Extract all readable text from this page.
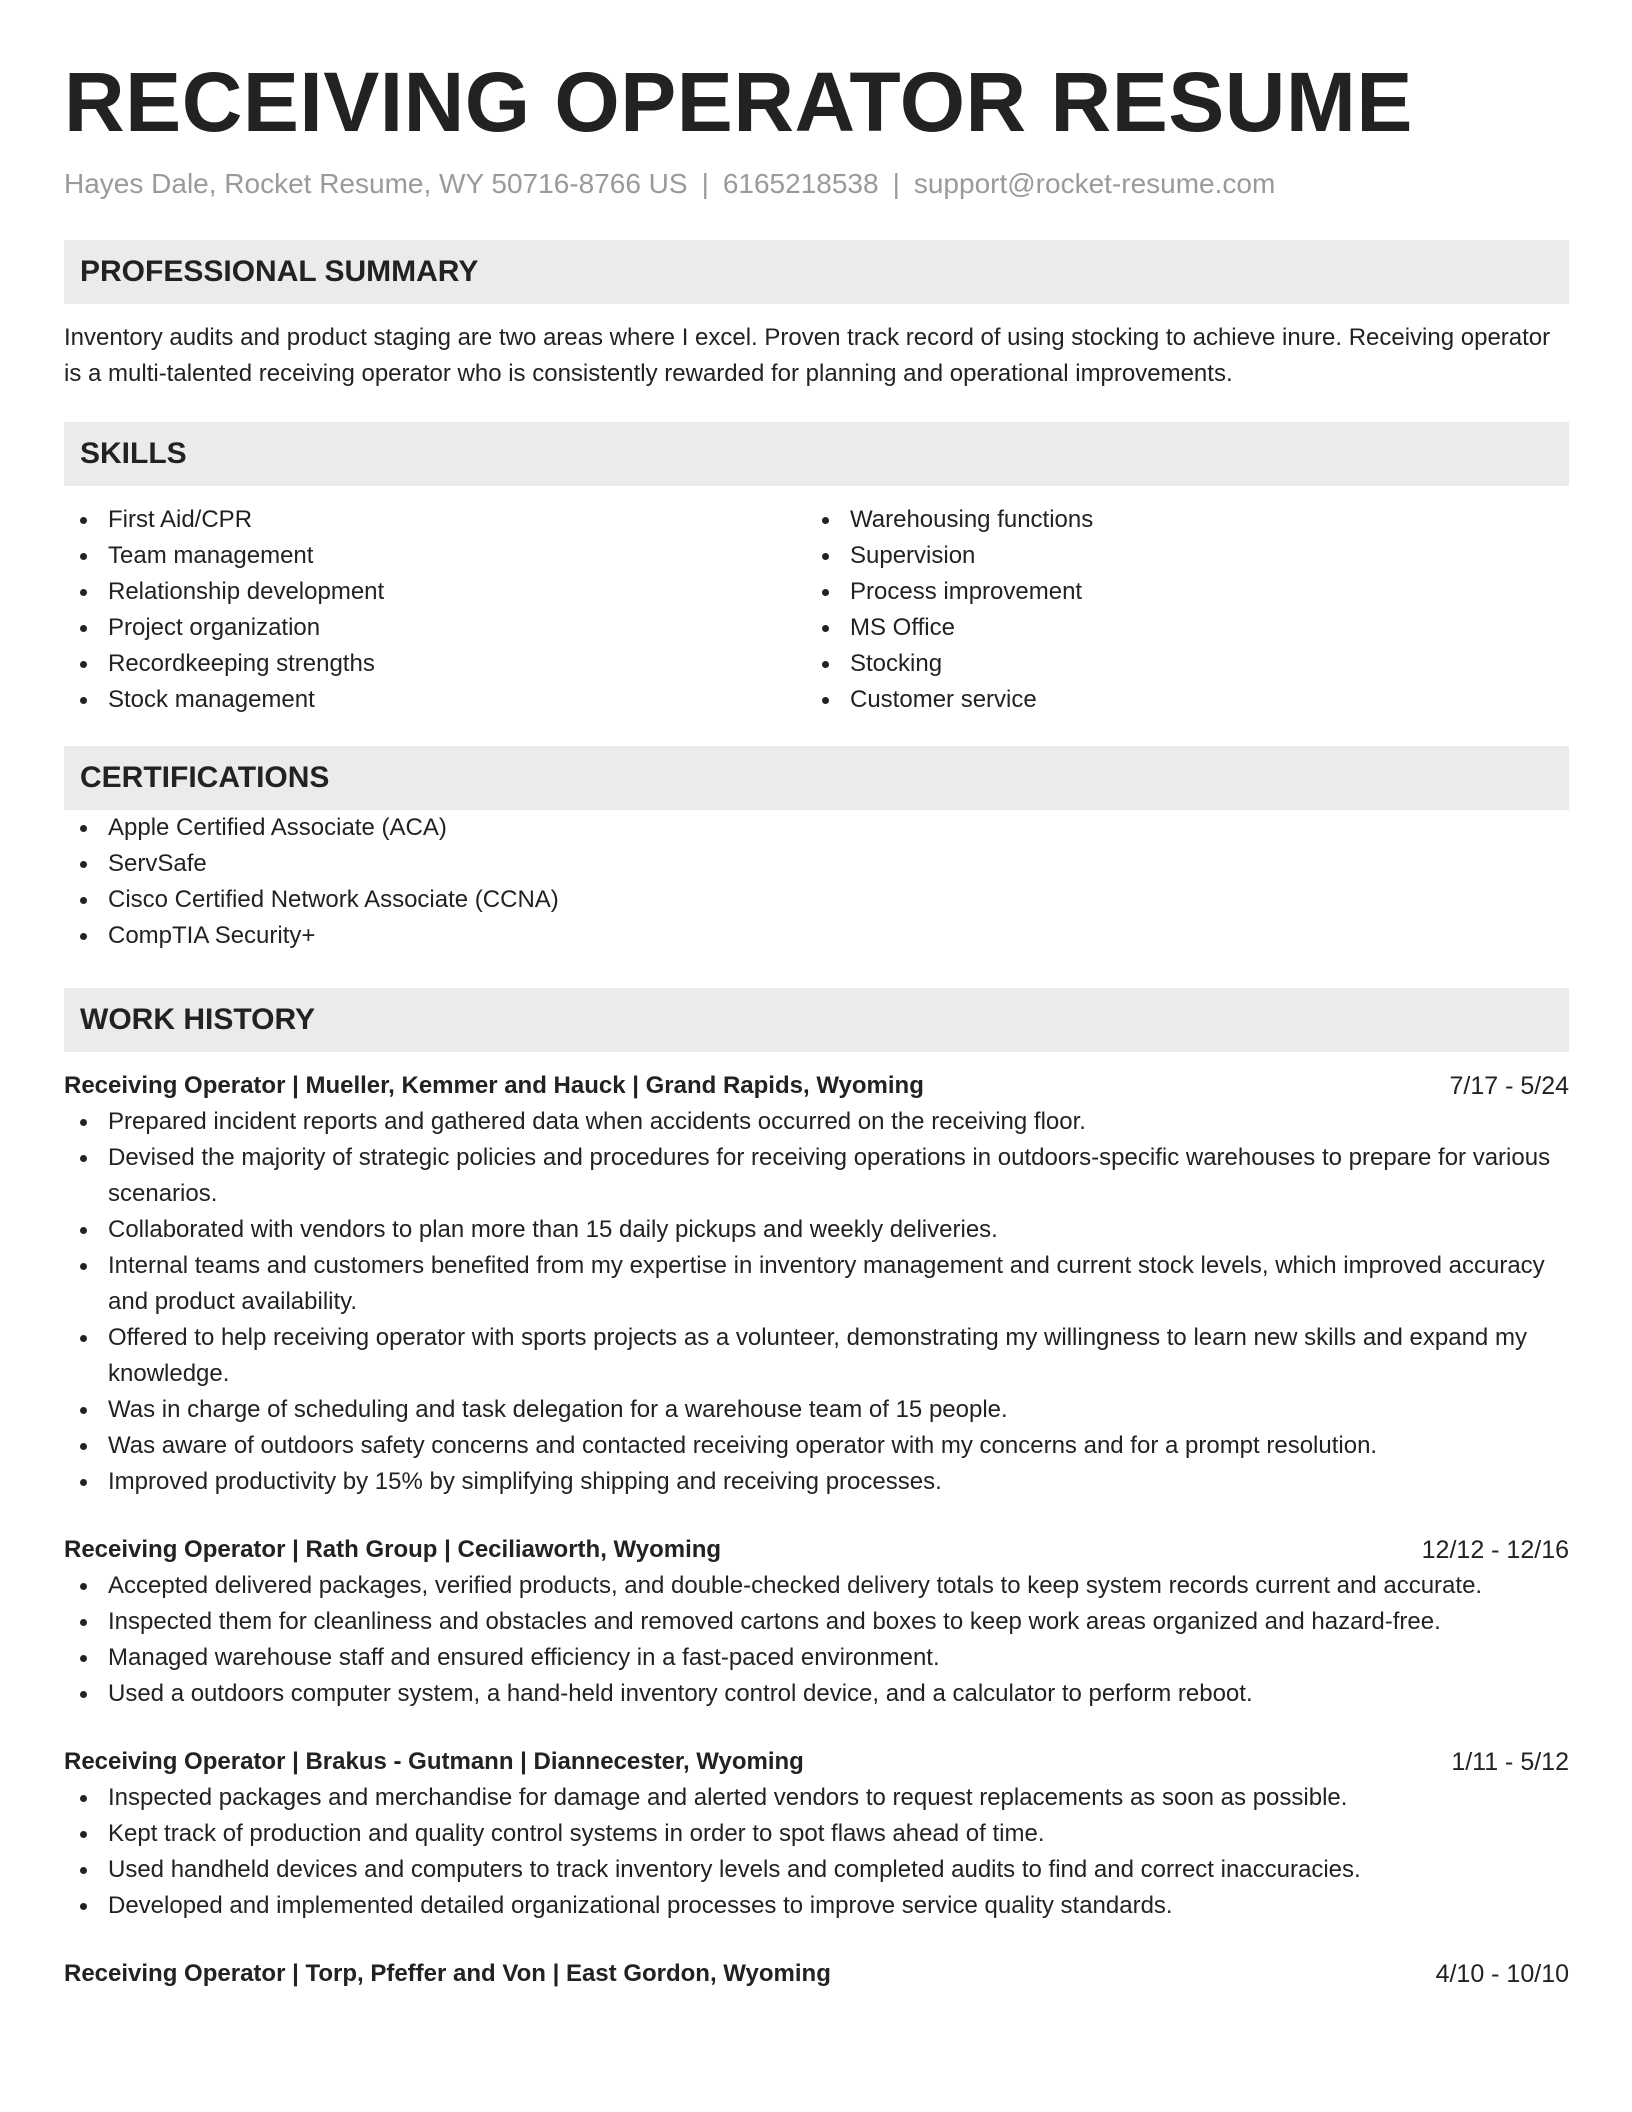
RECEIVING OPERATOR RESUME
Hayes Dale, Rocket Resume, WY 50716-8766 US | 6165218538 | support@rocket-resume.com
PROFESSIONAL SUMMARY

Inventory audits and product staging are two areas where I excel. Proven track record of using stocking to achieve inure. Receiving operator is a multi-talented receiving operator who is consistently rewarded for planning and operational improvements.

SKILLS
First Aid/CPR
Team management
Relationship development
Project organization
Recordkeeping strengths
Stock management
Warehousing functions
Supervision
Process improvement
MS Office
Stocking
Customer service
CERTIFICATIONS
Apple Certified Associate (ACA)
ServSafe
Cisco Certified Network Associate (CCNA)
CompTIA Security+
WORK HISTORY
Receiving Operator | Mueller, Kemmer and Hauck | Grand Rapids, Wyoming	7/17 - 5/24
Prepared incident reports and gathered data when accidents occurred on the receiving floor.
Devised the majority of strategic policies and procedures for receiving operations in outdoors-specific warehouses to prepare for various scenarios.
Collaborated with vendors to plan more than 15 daily pickups and weekly deliveries.
Internal teams and customers benefited from my expertise in inventory management and current stock levels, which improved accuracy and product availability.
Offered to help receiving operator with sports projects as a volunteer, demonstrating my willingness to learn new skills and expand my knowledge.
Was in charge of scheduling and task delegation for a warehouse team of 15 people.
Was aware of outdoors safety concerns and contacted receiving operator with my concerns and for a prompt resolution.
Improved productivity by 15% by simplifying shipping and receiving processes.
Receiving Operator | Rath Group | Ceciliaworth, Wyoming	12/12 - 12/16
Accepted delivered packages, verified products, and double-checked delivery totals to keep system records current and accurate.
Inspected them for cleanliness and obstacles and removed cartons and boxes to keep work areas organized and hazard-free.
Managed warehouse staff and ensured efficiency in a fast-paced environment.
Used a outdoors computer system, a hand-held inventory control device, and a calculator to perform reboot.
Receiving Operator | Brakus - Gutmann | Diannecester, Wyoming	1/11 - 5/12
Inspected packages and merchandise for damage and alerted vendors to request replacements as soon as possible.
Kept track of production and quality control systems in order to spot flaws ahead of time.
Used handheld devices and computers to track inventory levels and completed audits to find and correct inaccuracies.
Developed and implemented detailed organizational processes to improve service quality standards.
Receiving Operator | Torp, Pfeffer and Von | East Gordon, Wyoming	4/10 - 10/10
